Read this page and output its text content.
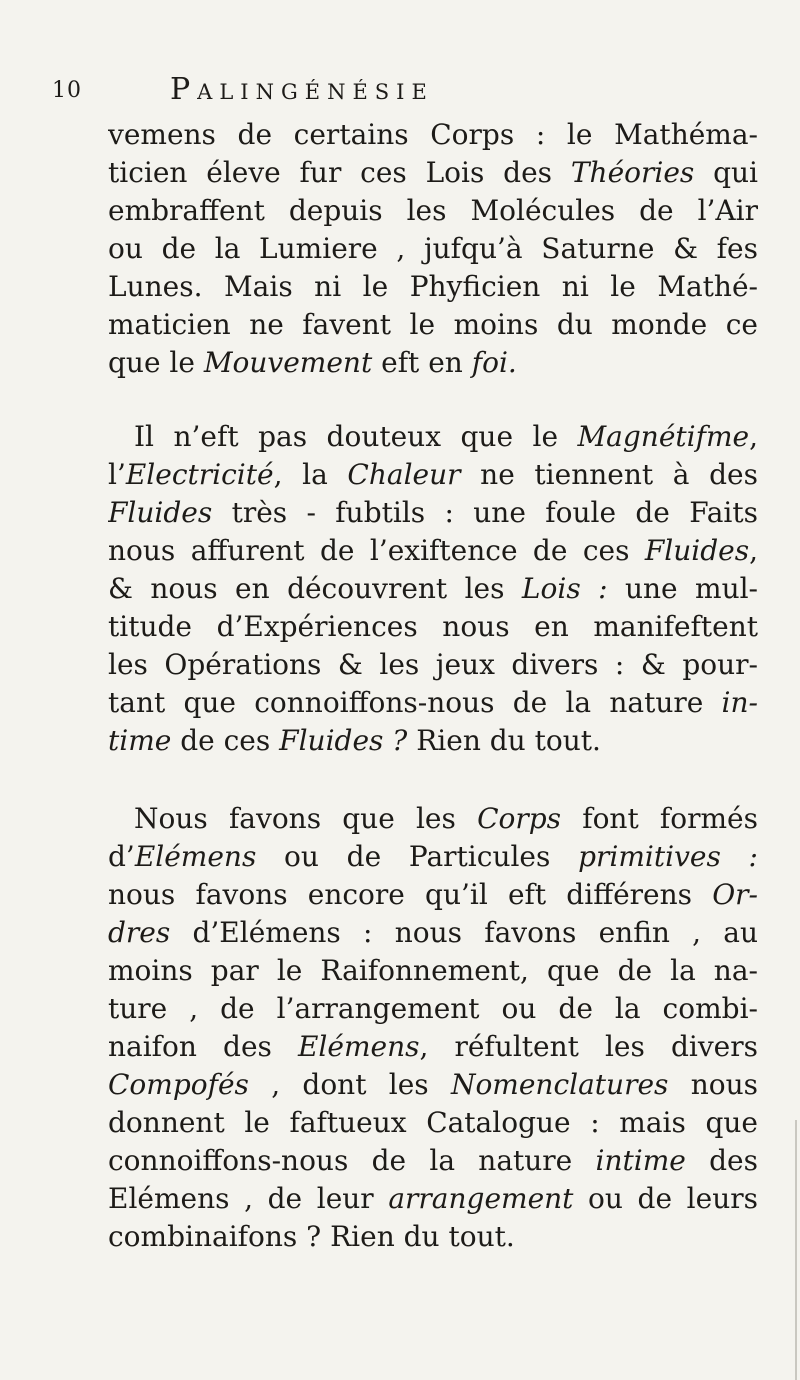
10	Palingénésie
vemens de certains Corps : le Mathéma-
ticien éleve fur ces Lois des Théories qui
embraffent depuis les Molécules de l’Air
ou de la Lumiere , jufqu’à Saturne & fes
Lunes. Mais ni le Phyficien ni le Mathé-
maticien ne favent le moins du monde ce
que le Mouvement eft en foi.
Il n’eft pas douteux que le Magnétifme,
l’Electricité, la Chaleur ne tiennent à des
Fluides très - fubtils : une foule de Faits
nous affurent de l’exiftence de ces Fluides,
& nous en découvrent les Lois : une mul-
titude d’Expériences nous en manifeftent
les Opérations & les jeux divers : & pour-
tant que connoiffons-nous de la nature in-
time de ces Fluides ? Rien du tout.
Nous favons que les Corps font formés
d’Elémens ou de Particules primitives :
nous favons encore qu’il eft différens Or-
dres d’Elémens : nous favons enfin , au
moins par le Raifonnement, que de la na-
ture , de l’arrangement ou de la combi-
naifon des Elémens, réfultent les divers
Compofés , dont les Nomenclatures nous
donnent le faftueux Catalogue : mais que
connoiffons-nous de la nature intime des
Elémens , de leur arrangement ou de leurs
combinaifons ? Rien du tout.
